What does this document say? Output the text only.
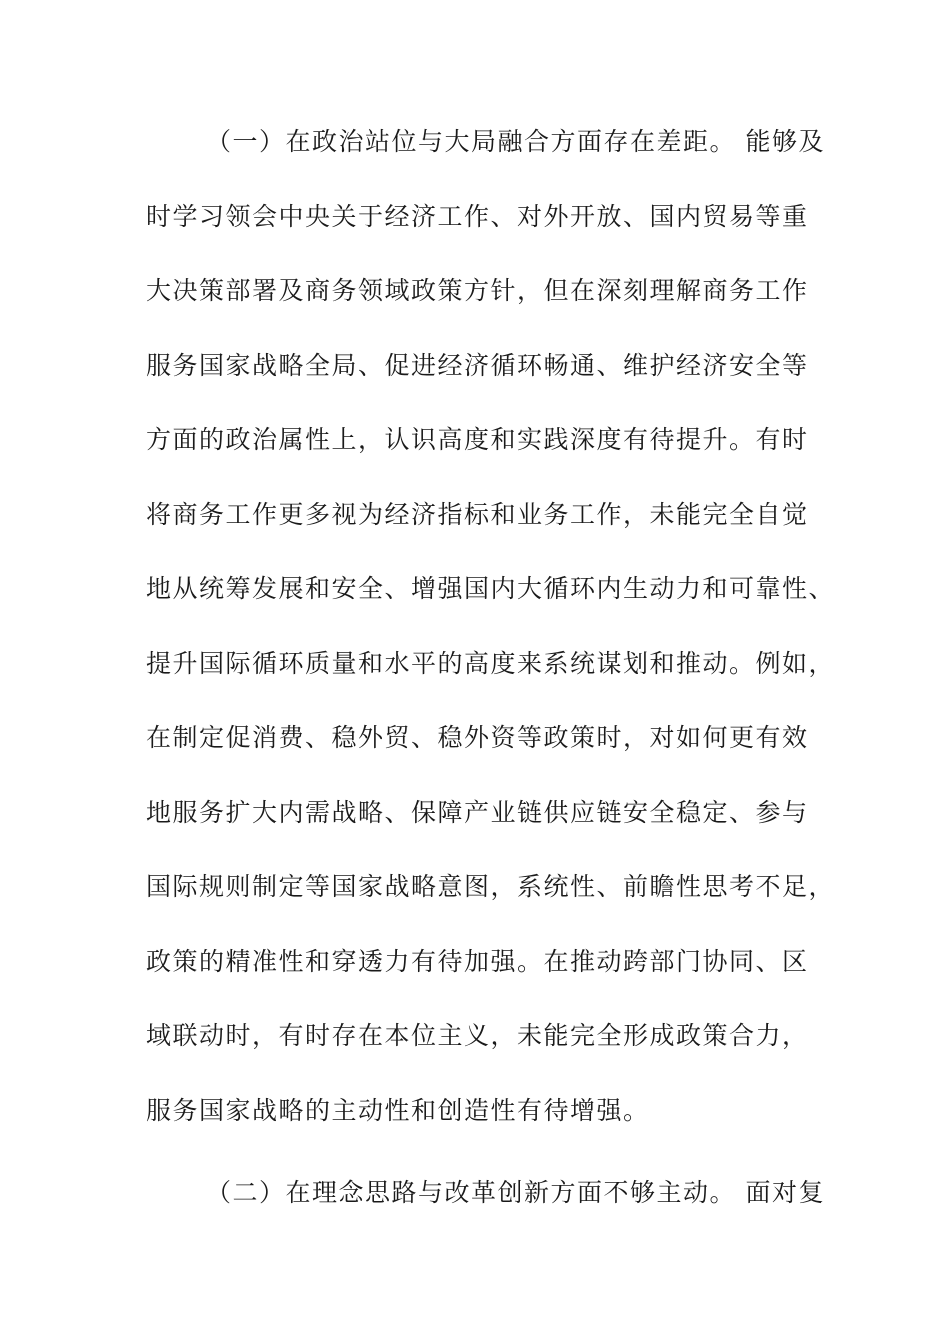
（一）在政治站位与大局融合方面存在差距。 能够及
时学习领会中央关于经济工作、对外开放、国内贸易等重
大决策部署及商务领域政策方针，但在深刻理解商务工作
服务国家战略全局、促进经济循环畅通、维护经济安全等
方面的政治属性上，认识高度和实践深度有待提升。有时
将商务工作更多视为经济指标和业务工作，未能完全自觉
地从统筹发展和安全、增强国内大循环内生动力和可靠性、
提升国际循环质量和水平的高度来系统谋划和推动。例如，
在制定促消费、稳外贸、稳外资等政策时，对如何更有效
地服务扩大内需战略、保障产业链供应链安全稳定、参与
国际规则制定等国家战略意图，系统性、前瞻性思考不足，
政策的精准性和穿透力有待加强。在推动跨部门协同、区
域联动时，有时存在本位主义，未能完全形成政策合力，
服务国家战略的主动性和创造性有待增强。
（二）在理念思路与改革创新方面不够主动。 面对复
